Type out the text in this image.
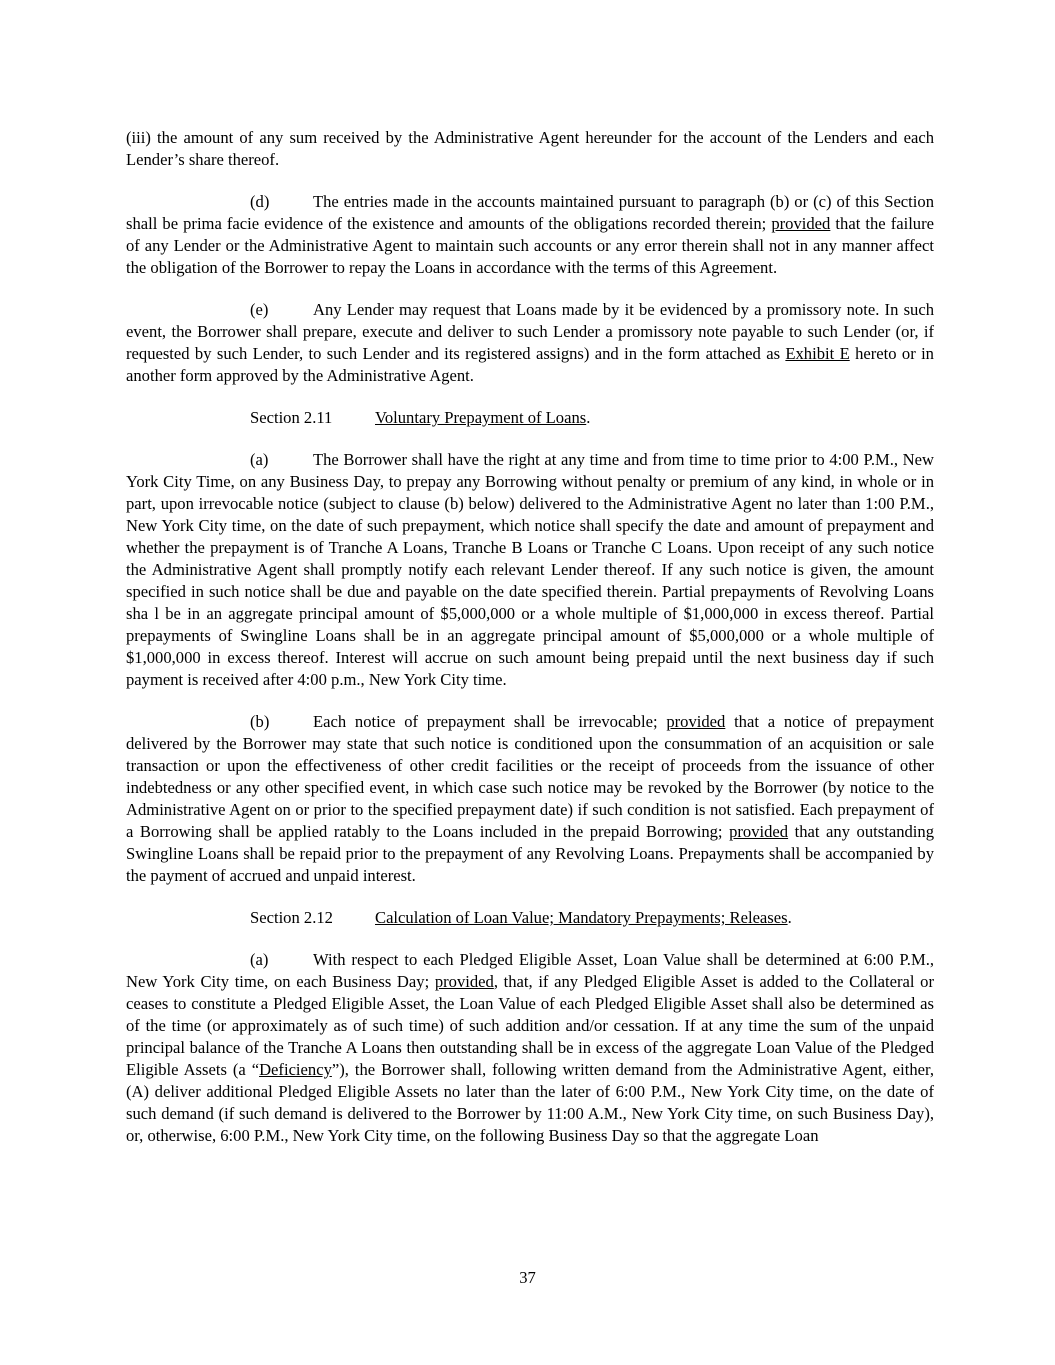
(iii) the amount of any sum received by the Administrative Agent hereunder for the account of the Lenders and each Lender’s share thereof.

(d)	The entries made in the accounts maintained pursuant to paragraph (b) or (c) of this Section shall be prima facie evidence of the existence and amounts of the obligations recorded therein; provided that the failure of any Lender or the Administrative Agent to maintain such accounts or any error therein shall not in any manner affect the obligation of the Borrower to repay the Loans in accordance with the terms of this Agreement.

(e)	Any Lender may request that Loans made by it be evidenced by a promissory note. In such event, the Borrower shall prepare, execute and deliver to such Lender a promissory note payable to such Lender (or, if requested by such Lender, to such Lender and its registered assigns) and in the form attached as Exhibit E hereto or in another form approved by the Administrative Agent.

Section 2.11	Voluntary Prepayment of Loans.

(a)	The Borrower shall have the right at any time and from time to time prior to 4:00 P.M., New York City Time, on any Business Day, to prepay any Borrowing without penalty or premium of any kind, in whole or in part, upon irrevocable notice (subject to clause (b) below) delivered to the Administrative Agent no later than 1:00 P.M., New York City time, on the date of such prepayment, which notice shall specify the date and amount of prepayment and whether the prepayment is of Tranche A Loans, Tranche B Loans or Tranche C Loans. Upon receipt of any such notice the Administrative Agent shall promptly notify each relevant Lender thereof. If any such notice is given, the amount specified in such notice shall be due and payable on the date specified therein. Partial prepayments of Revolving Loans sha l be in an aggregate principal amount of $5,000,000 or a whole multiple of $1,000,000 in excess thereof. Partial prepayments of Swingline Loans shall be in an aggregate principal amount of $5,000,000 or a whole multiple of $1,000,000 in excess thereof. Interest will accrue on such amount being prepaid until the next business day if such payment is received after 4:00 p.m., New York City time.

(b)	Each notice of prepayment shall be irrevocable; provided that a notice of prepayment delivered by the Borrower may state that such notice is conditioned upon the consummation of an acquisition or sale transaction or upon the effectiveness of other credit facilities or the receipt of proceeds from the issuance of other indebtedness or any other specified event, in which case such notice may be revoked by the Borrower (by notice to the Administrative Agent on or prior to the specified prepayment date) if such condition is not satisfied. Each prepayment of a Borrowing shall be applied ratably to the Loans included in the prepaid Borrowing; provided that any outstanding Swingline Loans shall be repaid prior to the prepayment of any Revolving Loans. Prepayments shall be accompanied by the payment of accrued and unpaid interest.

Section 2.12	Calculation of Loan Value; Mandatory Prepayments; Releases.

(a)	With respect to each Pledged Eligible Asset, Loan Value shall be determined at 6:00 P.M., New York City time, on each Business Day; provided, that, if any Pledged Eligible Asset is added to the Collateral or ceases to constitute a Pledged Eligible Asset, the Loan Value of each Pledged Eligible Asset shall also be determined as of the time (or approximately as of such time) of such addition and/or cessation. If at any time the sum of the unpaid principal balance of the Tranche A Loans then outstanding shall be in excess of the aggregate Loan Value of the Pledged Eligible Assets (a “Deficiency”), the Borrower shall, following written demand from the Administrative Agent, either, (A) deliver additional Pledged Eligible Assets no later than the later of 6:00 P.M., New York City time, on the date of such demand (if such demand is delivered to the Borrower by 11:00 A.M., New York City time, on such Business Day), or, otherwise, 6:00 P.M., New York City time, on the following Business Day so that the aggregate Loan

37
